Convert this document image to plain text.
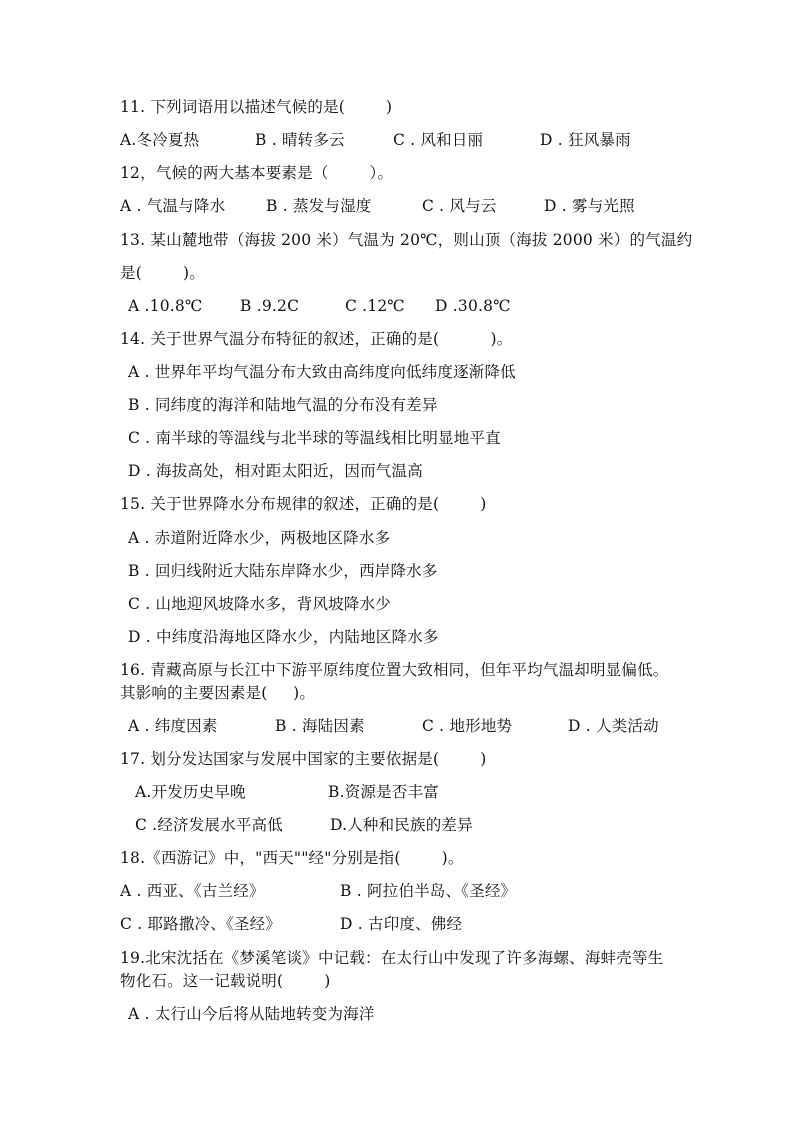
11. 下列词语用以描述气候的是(        )

A.冬冷夏热

	B . 晴转多云

	C . 风和日丽

	D . 狂风暴雨

12，气候的两大基本要素是（        ）。

A . 气温与降水

	B . 蒸发与湿度

	C . 风与云

	D . 雾与光照

13. 某山麓地带（海拔 200 米）气温为 20℃，则山顶（海拔 2000 米）的气温约

是(        )。

A .10.8℃

B .9.2C

	C .12℃

D .30.8℃

14. 关于世界气温分布特征的叙述，正确的是(          )。

A . 世界年平均气温分布大致由高纬度向低纬度逐渐降低

B . 同纬度的海洋和陆地气温的分布没有差异

C . 南半球的等温线与北半球的等温线相比明显地平直

D . 海拔高处，相对距太阳近，因而气温高

15. 关于世界降水分布规律的叙述，正确的是(        )

A . 赤道附近降水少，两极地区降水多

B . 回归线附近大陆东岸降水少，西岸降水多

C . 山地迎风坡降水多，背风坡降水少

D . 中纬度沿海地区降水少，内陆地区降水多

16. 青藏高原与长江中下游平原纬度位置大致相同，但年平均气温却明显偏低。

其影响的主要因素是(     )。

A . 纬度因素

	B . 海陆因素

	C . 地形地势

	D . 人类活动

17. 划分发达国家与发展中国家的主要依据是(        )

A.开发历史早晚

	B.资源是否丰富

C .经济发展水平高低

	D.人种和民族的差异

18.《西游记》中，"西天""经"分别是指(        )。

A . 西亚、《古兰经》

	B . 阿拉伯半岛、《圣经》

C . 耶路撒冷、《圣经》

	D . 古印度、佛经

19.北宋沈括在《梦溪笔谈》中记载：在太行山中发现了许多海螺、海蚌壳等生

物化石。这一记载说明(        )

A . 太行山今后将从陆地转变为海洋
